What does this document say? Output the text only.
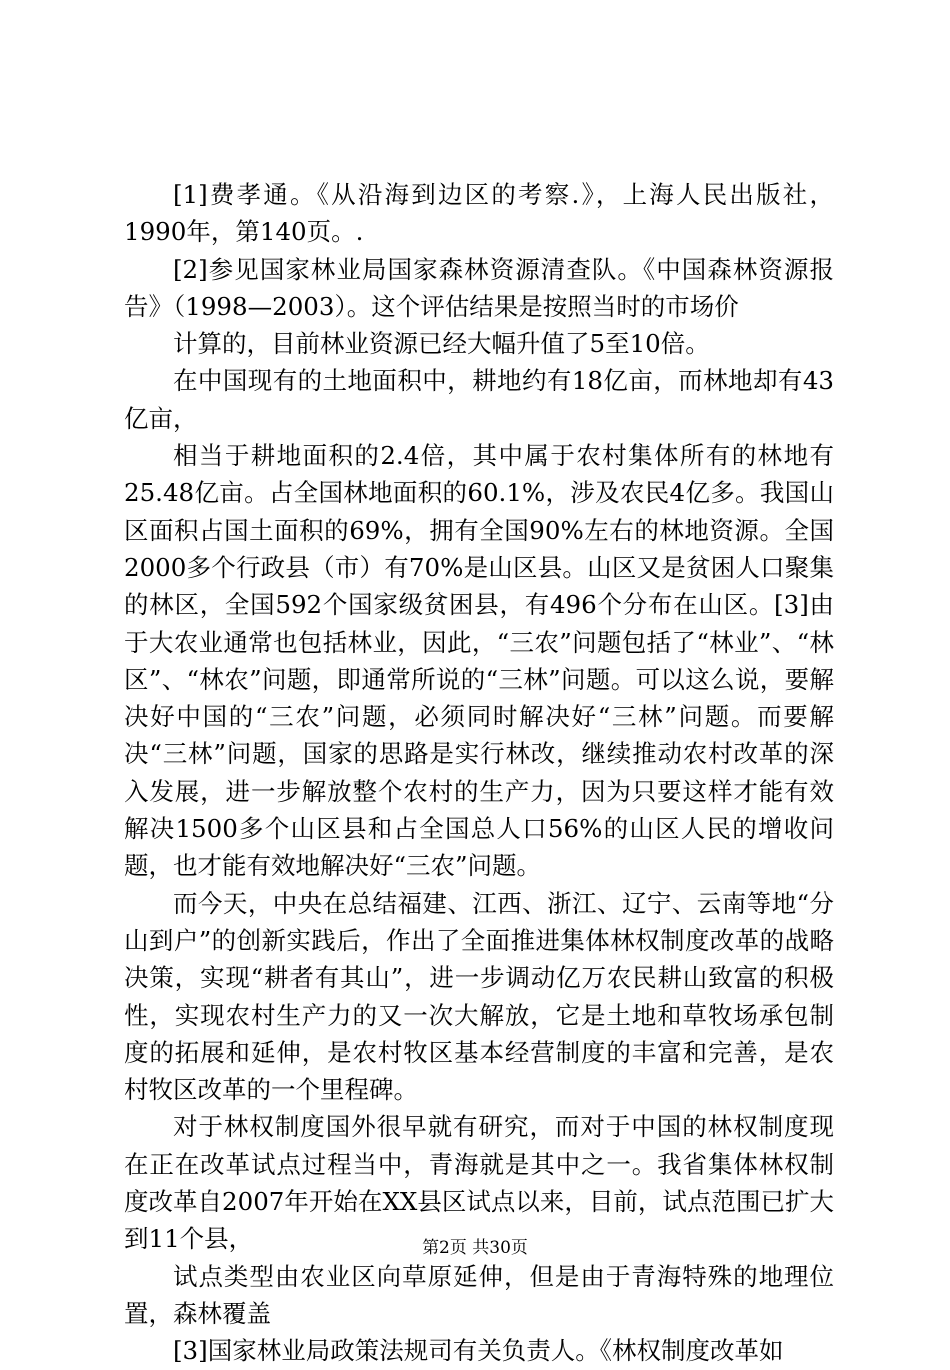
[1]费孝通。《从沿海到边区的考察.》，上海人民出版社，1990年，第140页。.

[2]参见国家林业局国家森林资源清查队。《中国森林资源报告》（1998—2003）。这个评估结果是按照当时的市场价

计算的，目前林业资源已经大幅升值了5至10倍。

在中国现有的土地面积中，耕地约有18亿亩，而林地却有43亿亩，

相当于耕地面积的2.4倍，其中属于农村集体所有的林地有25.48亿亩。占全国林地面积的60.1%，涉及农民4亿多。我国山区面积占国土面积的69%，拥有全国90%左右的林地资源。全国2000多个行政县（市）有70%是山区县。山区又是贫困人口聚集的林区，全国592个国家级贫困县，有496个分布在山区。[3]由于大农业通常也包括林业，因此，“三农”问题包括了“林业”、“林区”、“林农”问题，即通常所说的“三林”问题。可以这么说，要解决好中国的“三农”问题，必须同时解决好“三林”问题。而要解决“三林”问题，国家的思路是实行林改，继续推动农村改革的深入发展，进一步解放整个农村的生产力，因为只要这样才能有效解决1500多个山区县和占全国总人口56%的山区人民的增收问题，也才能有效地解决好“三农”问题。

而今天，中央在总结福建、江西、浙江、辽宁、云南等地“分山到户”的创新实践后，作出了全面推进集体林权制度改革的战略决策，实现“耕者有其山”，进一步调动亿万农民耕山致富的积极性，实现农村生产力的又一次大解放，它是土地和草牧场承包制度的拓展和延伸，是农村牧区基本经营制度的丰富和完善，是农村牧区改革的一个里程碑。

对于林权制度国外很早就有研究，而对于中国的林权制度现在正在改革试点过程当中，青海就是其中之一。我省集体林权制度改革自2007年开始在XX县区试点以来，目前，试点范围已扩大到11个县，

试点类型由农业区向草原延伸，但是由于青海特殊的地理位置，森林覆盖

[3]国家林业局政策法规司有关负责人。《林权制度改革如

第2页 共30页
